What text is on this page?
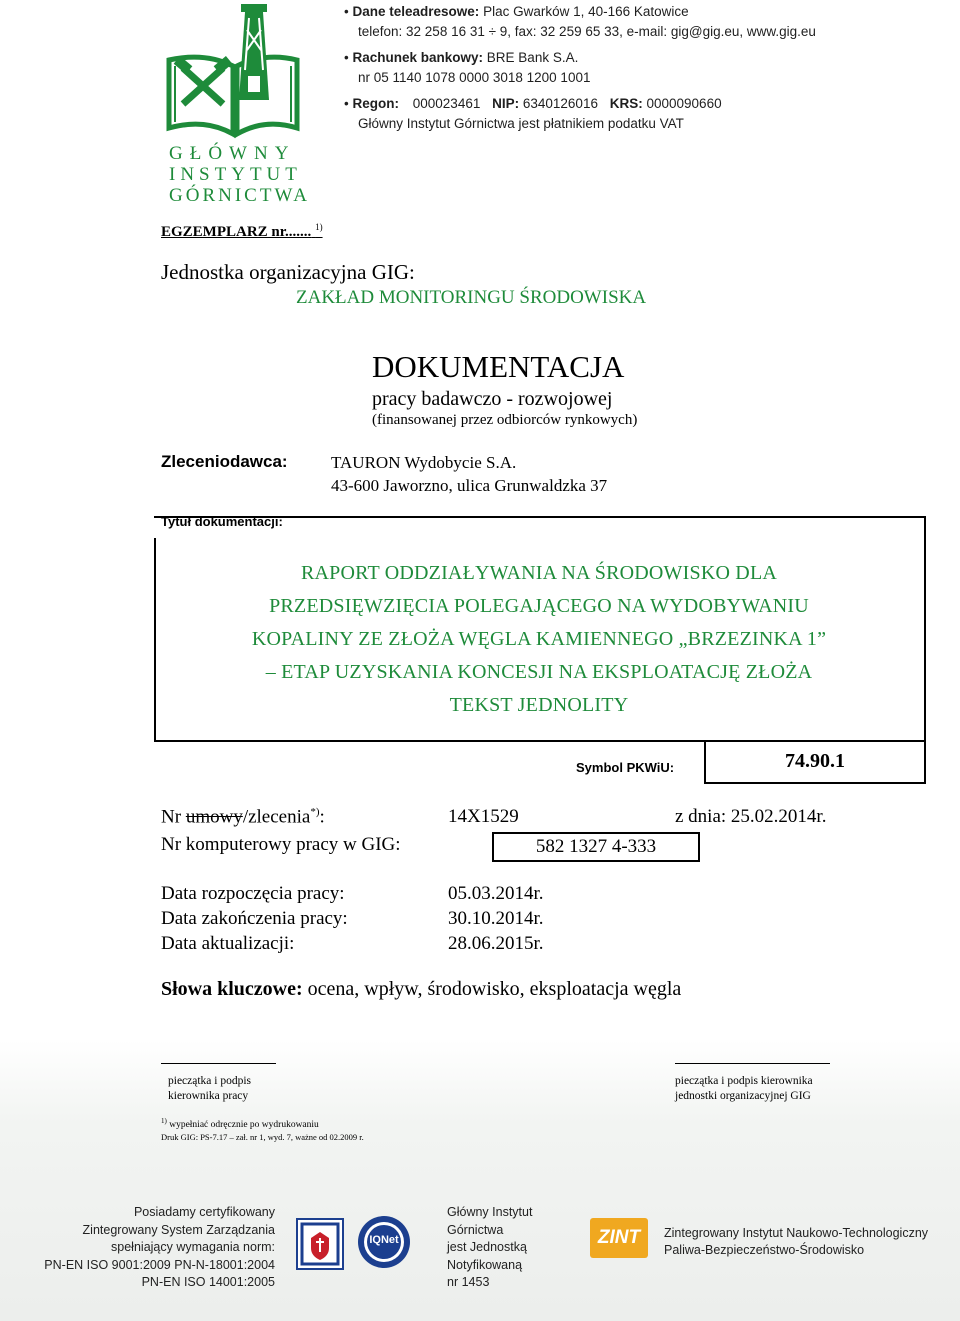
GŁÓWNY
INSTYTUT
GÓRNICTWA
• Dane teleadresowe: Plac Gwarków 1, 40-166 Katowice
telefon: 32 258 16 31 ÷ 9, fax: 32 259 65 33, e-mail: gig@gig.eu, www.gig.eu
• Rachunek bankowy: BRE Bank S.A.
nr 05 1140 1078 0000 3018 1200 1001
• Regon: 000023461 NIP: 6340126016 KRS: 0000090660
Główny Instytut Górnictwa jest płatnikiem podatku VAT
EGZEMPLARZ nr....... $^{1)}$
Jednostka organizacyjna GIG:
ZAKŁAD MONITORINGU ŚRODOWISKA
DOKUMENTACJA
pracy badawczo - rozwojowej
(finansowanej przez odbiorców rynkowych)
Zleceniodawca:	TAURON Wydobycie S.A.
43-600 Jaworzno, ulica Grunwaldzka 37
Tytuł dokumentacji:
RAPORT ODDZIAŁYWANIA NA ŚRODOWISKO DLA
PRZEDSIĘWZIĘCIA POLEGAJĄCEGO NA WYDOBYWANIU
KOPALINY ZE ZŁOŻA WĘGLA KAMIENNEGO „BRZEZINKA 1”
– ETAP UZYSKANIA KONCESJI NA EKSPLOATACJĘ ZŁOŻA
TEKST JEDNOLITY
Symbol PKWiU:	74.90.1
Nr umowy/zlecenia*):	14X1529	z dnia: 25.02.2014r.
Nr komputerowy pracy w GIG:	582 1327 4-333
Data rozpoczęcia pracy:	05.03.2014r.
Data zakończenia pracy:	30.10.2014r.
Data aktualizacji:	28.06.2015r.
Słowa kluczowe: ocena, wpływ, środowisko, eksploatacja węgla
pieczątka i podpis
kierownika pracy
pieczątka i podpis kierownika
jednostki organizacyjnej GIG
$^{1)}$ wypełniać odręcznie po wydrukowaniu
Druk GIG: PS-7.17 – zał. nr 1, wyd. 7, ważne od 02.2009 r.
Posiadamy certyfikowany
Zintegrowany System Zarządzania
spełniający wymagania norm:
PN-EN ISO 9001:2009 PN-N-18001:2004
PN-EN ISO 14001:2005
IQNet
Główny Instytut
Górnictwa
jest Jednostką
Notyfikowaną
nr 1453
ZINT	Zintegrowany Instytut Naukowo-Technologiczny
Paliwa-Bezpieczeństwo-Środowisko
